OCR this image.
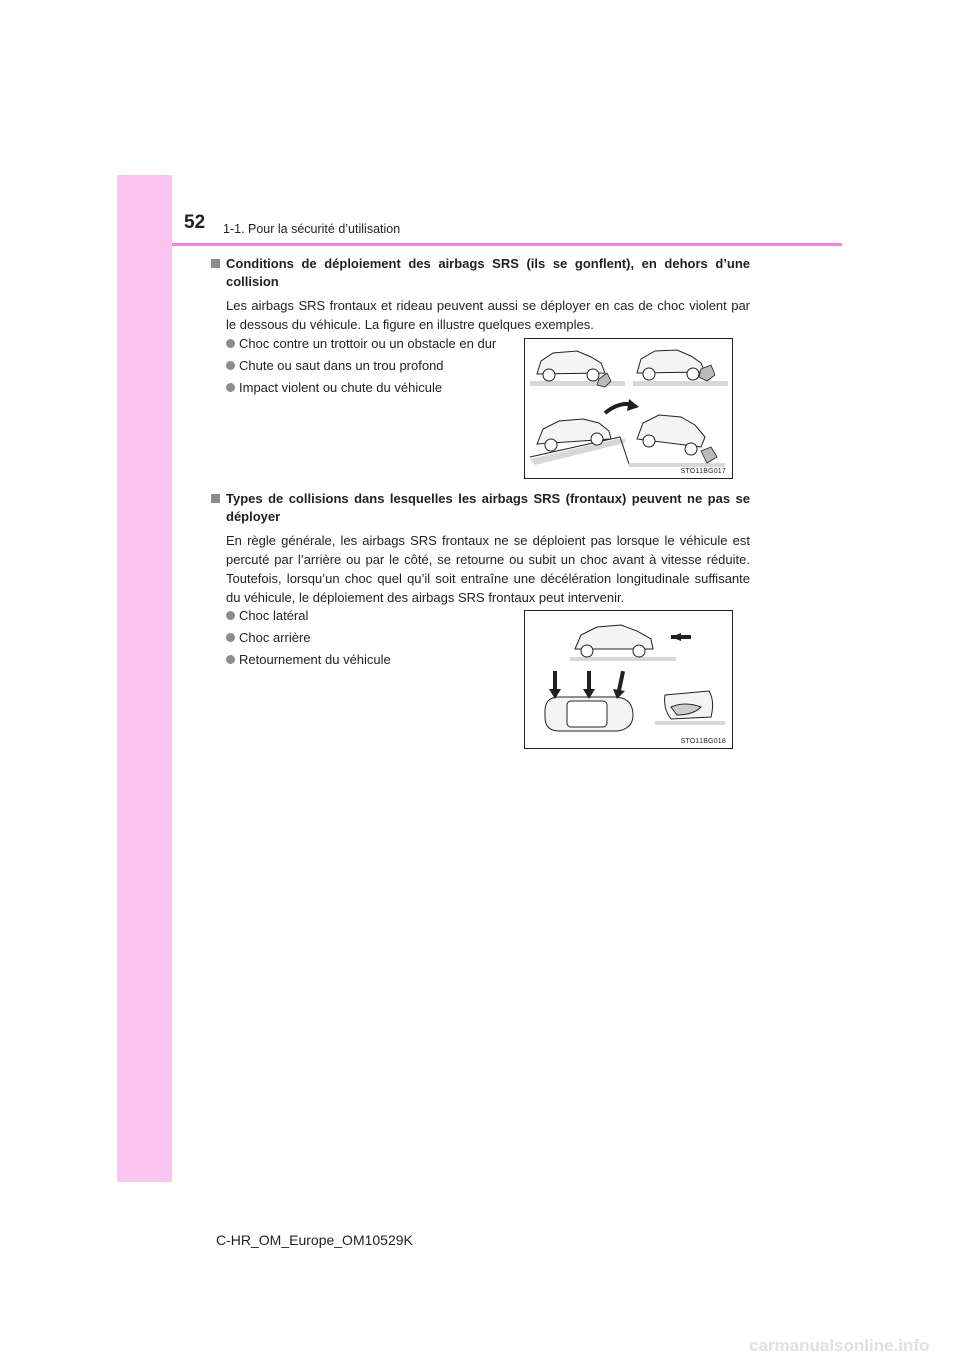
52 1-1. Pour la sécurité d’utilisation
Conditions de déploiement des airbags SRS (ils se gonflent), en dehors d’une collision
Les airbags SRS frontaux et rideau peuvent aussi se déployer en cas de choc violent par le dessous du véhicule. La figure en illustre quelques exemples.
Choc contre un trottoir ou un obstacle en dur
Chute ou saut dans un trou profond
Impact violent ou chute du véhicule
STO11BG017
Types de collisions dans lesquelles les airbags SRS (frontaux) peuvent ne pas se déployer
En règle générale, les airbags SRS frontaux ne se déploient pas lorsque le véhicule est percuté par l’arrière ou par le côté, se retourne ou subit un choc avant à vitesse réduite. Toutefois, lorsqu’un choc quel qu’il soit entraîne une décélération longitudinale suffisante du véhicule, le déploiement des airbags SRS frontaux peut intervenir.
Choc latéral
Choc arrière
Retournement du véhicule
STO11BG018
C-HR_OM_Europe_OM10529K
carmanualsonline.info
